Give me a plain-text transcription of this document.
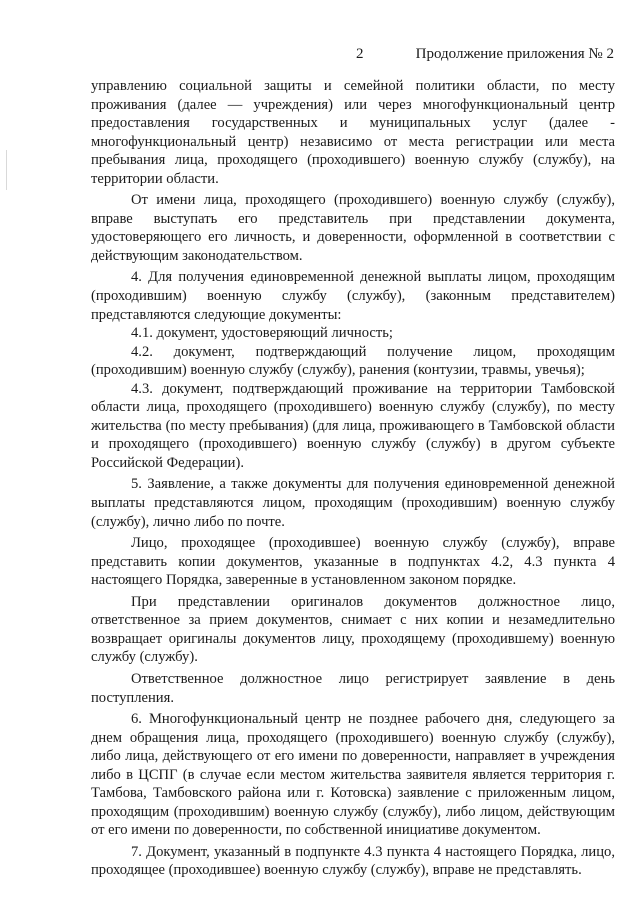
2	Продолжение приложения № 2

управлению социальной защиты и семейной политики области, по месту проживания (далее — учреждения) или через многофункциональный центр предоставления государственных и муниципальных услуг (далее - многофункциональный центр) независимо от места регистрации или места пребывания лица, проходящего (проходившего) военную службу (службу), на территории области.

От имени лица, проходящего (проходившего) военную службу (службу), вправе выступать его представитель при представлении документа, удостоверяющего его личность, и доверенности, оформленной в соответствии с действующим законодательством.

4. Для получения единовременной денежной выплаты лицом, проходящим (проходившим) военную службу (службу), (законным представителем) представляются следующие документы:

4.1. документ, удостоверяющий личность;

4.2. документ, подтверждающий получение лицом, проходящим (проходившим) военную службу (службу), ранения (контузии, травмы, увечья);

4.3. документ, подтверждающий проживание на территории Тамбовской области лица, проходящего (проходившего) военную службу (службу), по месту жительства (по месту пребывания) (для лица, проживающего в Тамбовской области и проходящего (проходившего) военную службу (службу) в другом субъекте Российской Федерации).

5. Заявление, а также документы для получения единовременной денежной выплаты представляются лицом, проходящим (проходившим) военную службу (службу), лично либо по почте.

Лицо, проходящее (проходившее) военную службу (службу), вправе представить копии документов, указанные в подпунктах 4.2, 4.3 пункта 4 настоящего Порядка, заверенные в установленном законом порядке.

При представлении оригиналов документов должностное лицо, ответственное за прием документов, снимает с них копии и незамедлительно возвращает оригиналы документов лицу, проходящему (проходившему) военную службу (службу).

Ответственное должностное лицо регистрирует заявление в день поступления.

6. Многофункциональный центр не позднее рабочего дня, следующего за днем обращения лица, проходящего (проходившего) военную службу (службу), либо лица, действующего от его имени по доверенности, направляет в учреждения либо в ЦСПГ (в случае если местом жительства заявителя является территория г. Тамбова, Тамбовского района или г. Котовска) заявление с приложенным лицом, проходящим (проходившим) военную службу (службу), либо лицом, действующим от его имени по доверенности, по собственной инициативе документом.

7. Документ, указанный в подпункте 4.3 пункта 4 настоящего Порядка, лицо, проходящее (проходившее) военную службу (службу), вправе не представлять.
